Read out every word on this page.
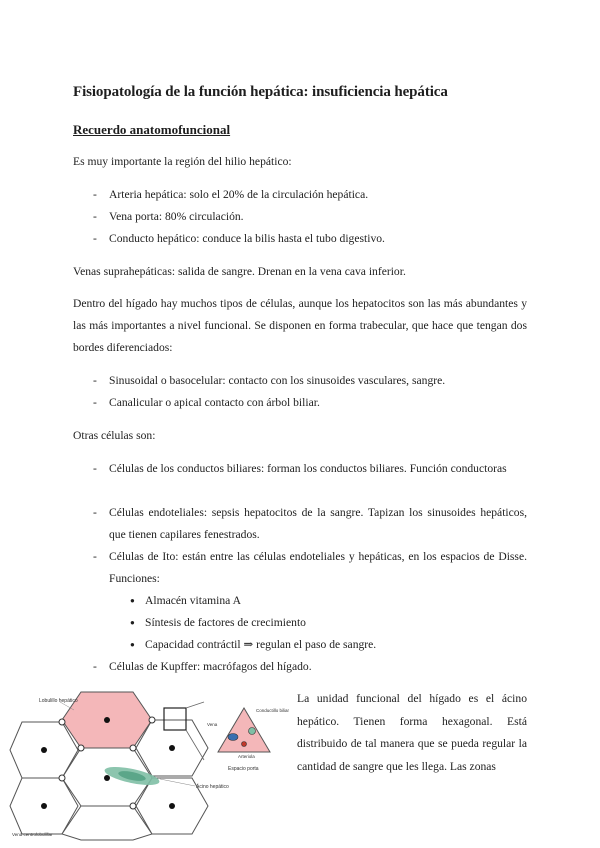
Fisiopatología de la función hepática: insuficiencia hepática
Recuerdo anatomofuncional

Es muy importante la región del hilio hepático:

-	Arteria hepática: solo el 20% de la circulación hepática.
-	Vena porta: 80% circulación.
-	Conducto hepático: conduce la bilis hasta el tubo digestivo.

Venas suprahepáticas: salida de sangre. Drenan en la vena cava inferior.

Dentro del hígado hay muchos tipos de células, aunque los hepatocitos son las más abundantes y las más importantes a nivel funcional. Se disponen en forma trabecular, que hace que tengan dos bordes diferenciados:

-	Sinusoidal o basocelular: contacto con los sinusoides vasculares, sangre.
-	Canalicular o apical contacto con árbol biliar.

Otras células son:

-	Células de los conductos biliares: forman los conductos biliares. Función conductoras
-	Células endoteliales: sepsis hepatocitos de la sangre. Tapizan los sinusoides hepáticos, que tienen capilares fenestrados.
-	Células de Ito: están entre las células endoteliales y hepáticas, en los espacios de Disse. Funciones:
● Almacén vitamina A
● Síntesis de factores de crecimiento
● Capacidad contráctil ⇒ regulan el paso de sangre.
-	Células de Kupffer: macrófagos del hígado.
Lobulillo hepático
Conductillo biliar
Vena
Arteriola
Espacio porta
Ácino hepático
Vena centrolobulillar

La unidad funcional del hígado es el ácino hepático. Tienen forma hexagonal. Está distribuido de tal manera que se pueda regular la cantidad de sangre que les llega. Las zonas
